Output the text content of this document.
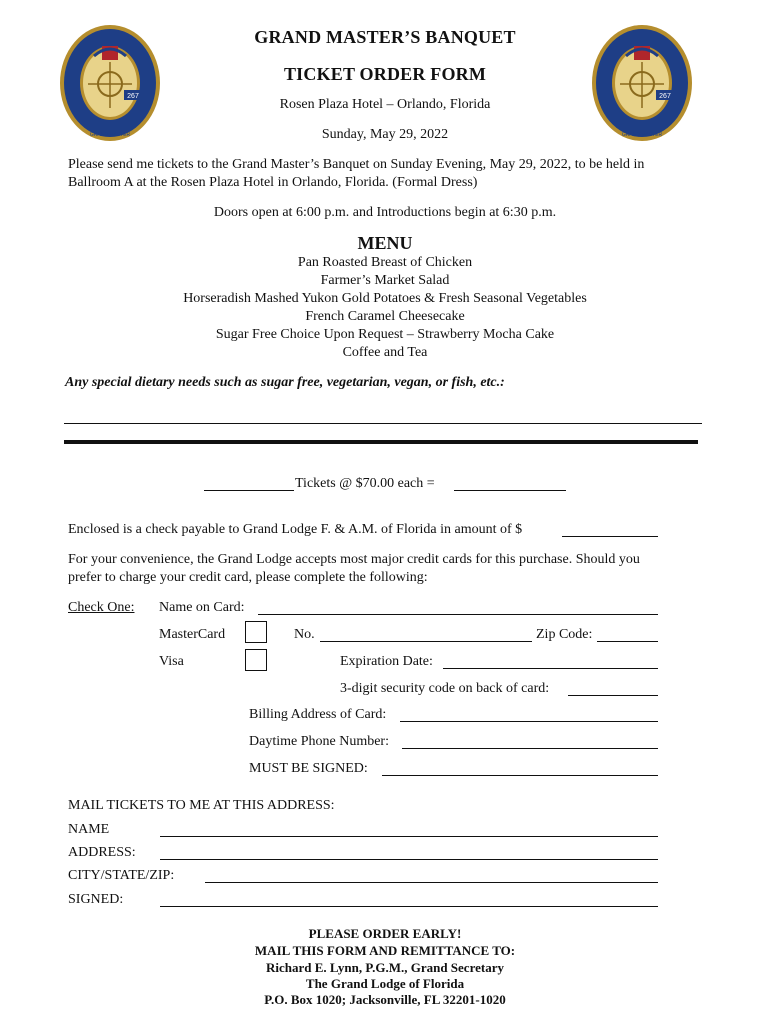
267
GRAND MASTER
267
GRAND MASTER
GRAND MASTER’S BANQUET
TICKET ORDER FORM
Rosen Plaza Hotel – Orlando, Florida
Sunday, May 29, 2022
Please send me tickets to the Grand Master’s Banquet on Sunday Evening, May 29, 2022, to be held in
Ballroom A at the Rosen Plaza Hotel in Orlando, Florida. (Formal Dress)
Doors open at 6:00 p.m. and Introductions begin at 6:30 p.m.
MENU
Pan Roasted Breast of Chicken
Farmer’s Market Salad
Horseradish Mashed Yukon Gold Potatoes & Fresh Seasonal Vegetables
French Caramel Cheesecake
Sugar Free Choice Upon Request – Strawberry Mocha Cake
Coffee and Tea
Any special dietary needs such as sugar free, vegetarian, vegan, or fish, etc.:
Tickets @ $70.00 each =
Enclosed is a check payable to Grand Lodge F. & A.M. of Florida in amount of $
For your convenience, the Grand Lodge accepts most major credit cards for this purchase. Should you
prefer to charge your credit card, please complete the following:
Check One: Name on Card:
MasterCard	No.	Zip Code:
Visa	Expiration Date:
3-digit security code on back of card:
Billing Address of Card:
Daytime Phone Number:
MUST BE SIGNED:
MAIL TICKETS TO ME AT THIS ADDRESS:
NAME
ADDRESS:
CITY/STATE/ZIP:
SIGNED:
PLEASE ORDER EARLY!
MAIL THIS FORM AND REMITTANCE TO:
Richard E. Lynn, P.G.M., Grand Secretary
The Grand Lodge of Florida
P.O. Box 1020; Jacksonville, FL 32201-1020
